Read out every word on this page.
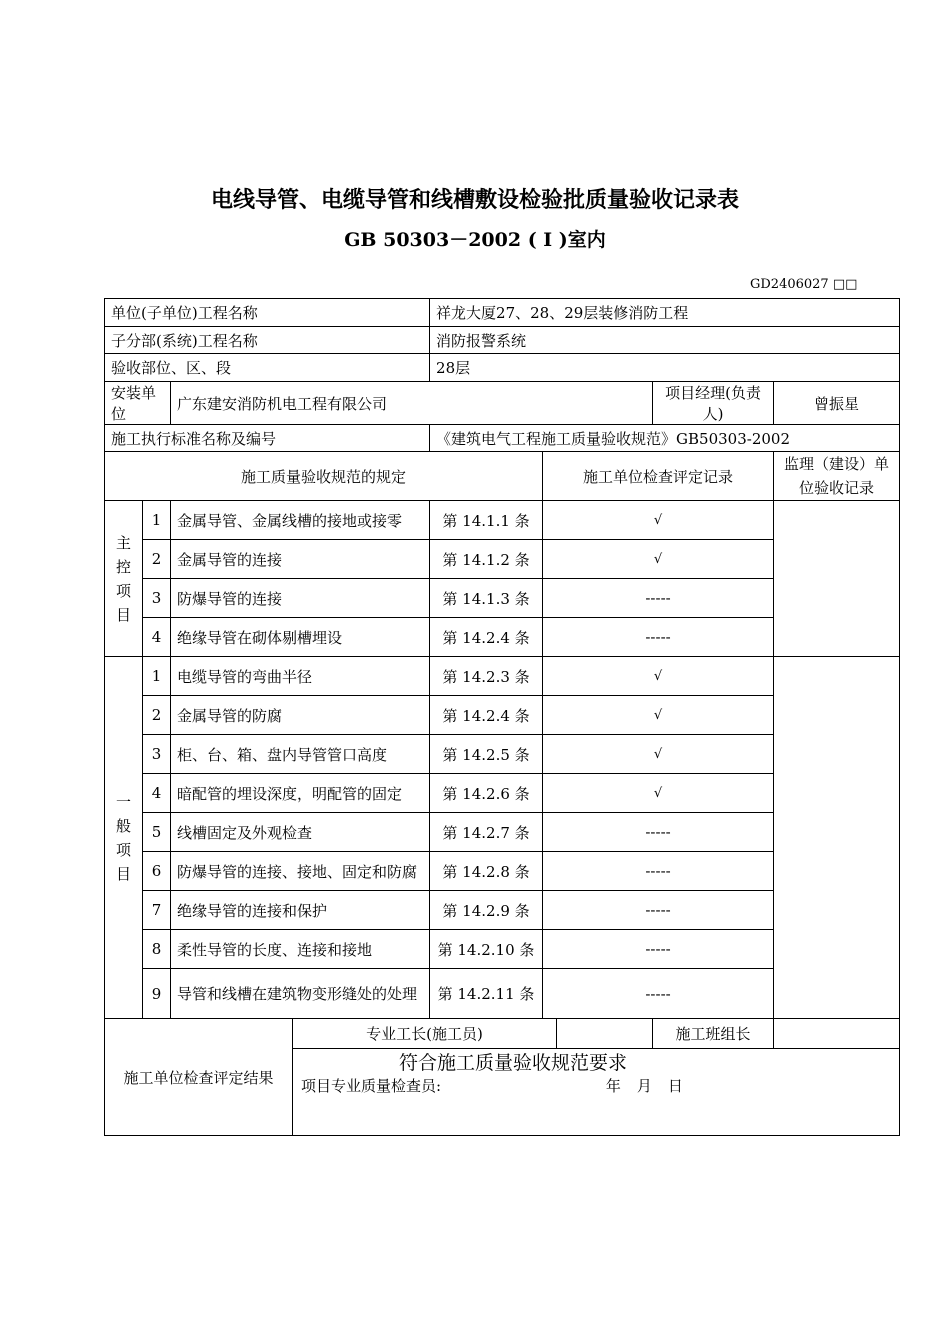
电线导管、电缆导管和线槽敷设检验批质量验收记录表
GB 50303－2002 ( I )室内
GD2406027 □□
单位(子单位)工程名称				祥龙大厦27、28、29层装修消防工程				
子分部(系统)工程名称				消防报警系统				
验收部位、区、段				28层				
安装单位		广东建安消防机电工程有限公司					项目经理(负责人)	曾振星
施工执行标准名称及编号				《建筑电气工程施工质量验收规范》GB50303-2002				
施工质量验收规范的规定					施工单位检查评定记录			监理（建设）单位验收记录

主
控
项
目	1	金属导管、金属线槽的接地或接零		第 14.1.1 条	√			
	2	金属导管的连接		第 14.1.2 条	√			
	3	防爆导管的连接		第 14.1.3 条	-----			
	4	绝缘导管在砌体剔槽埋设		第 14.2.4 条	-----			

一
般
项
目	1	电缆导管的弯曲半径		第 14.2.3 条	√			
	2	金属导管的防腐		第 14.2.4 条	√			
	3	柜、台、箱、盘内导管管口高度		第 14.2.5 条	√			
	4	暗配管的埋设深度，明配管的固定		第 14.2.6 条	√			
	5	线槽固定及外观检查		第 14.2.7 条	-----			
	6	防爆导管的连接、接地、固定和防腐		第 14.2.8 条	-----			
	7	绝缘导管的连接和保护		第 14.2.9 条	-----			
	8	柔性导管的长度、连接和接地		第 14.2.10 条	-----			
	9	导管和线槽在建筑物变形缝处的处理		第 14.2.11 条	-----			
施工单位检查评定结果			专业工长(施工员)				施工班组长	

			符合施工质量验收规范要求
项目专业质量检查员: 年 月 日					
